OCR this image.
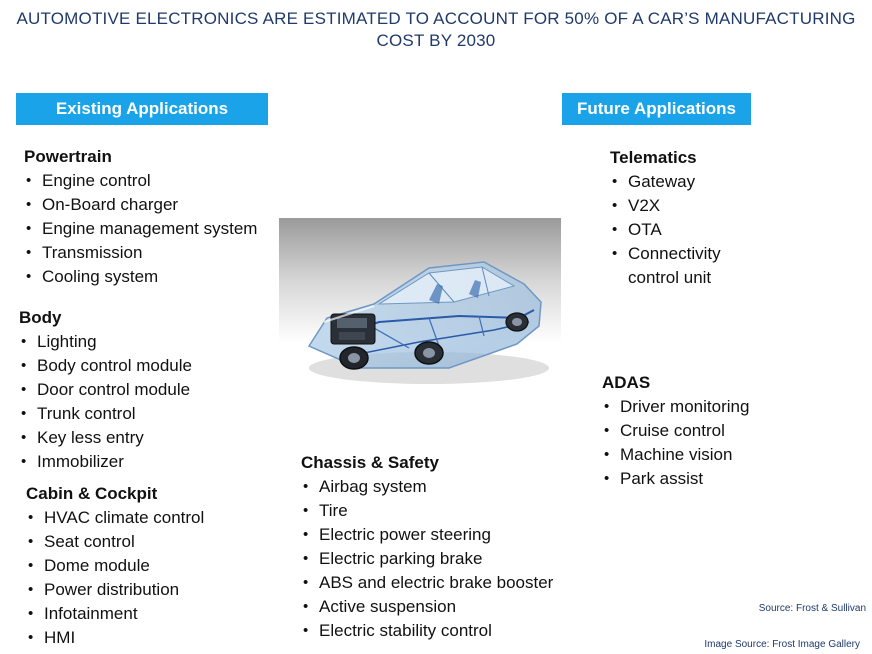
AUTOMOTIVE ELECTRONICS ARE ESTIMATED TO ACCOUNT FOR 50% OF A CAR’S MANUFACTURING
COST BY 2030
Existing Applications	Future Applications
Powertrain
• Engine control
• On-Board charger
• Engine management system
• Transmission
• Cooling system
Body
• Lighting
• Body control module
• Door control module
• Trunk control
• Key less entry
• Immobilizer
Cabin & Cockpit
• HVAC climate control
• Seat control
• Dome module
• Power distribution
• Infotainment
• HMI
Chassis & Safety
• Airbag system
• Tire
• Electric power steering
• Electric parking brake
• ABS and electric brake booster
• Active suspension
• Electric stability control
Telematics
• Gateway
• V2X
• OTA
• Connectivity control unit
ADAS
• Driver monitoring
• Cruise control
• Machine vision
• Park assist
Source: Frost & Sullivan
Image Source: Frost Image Gallery
